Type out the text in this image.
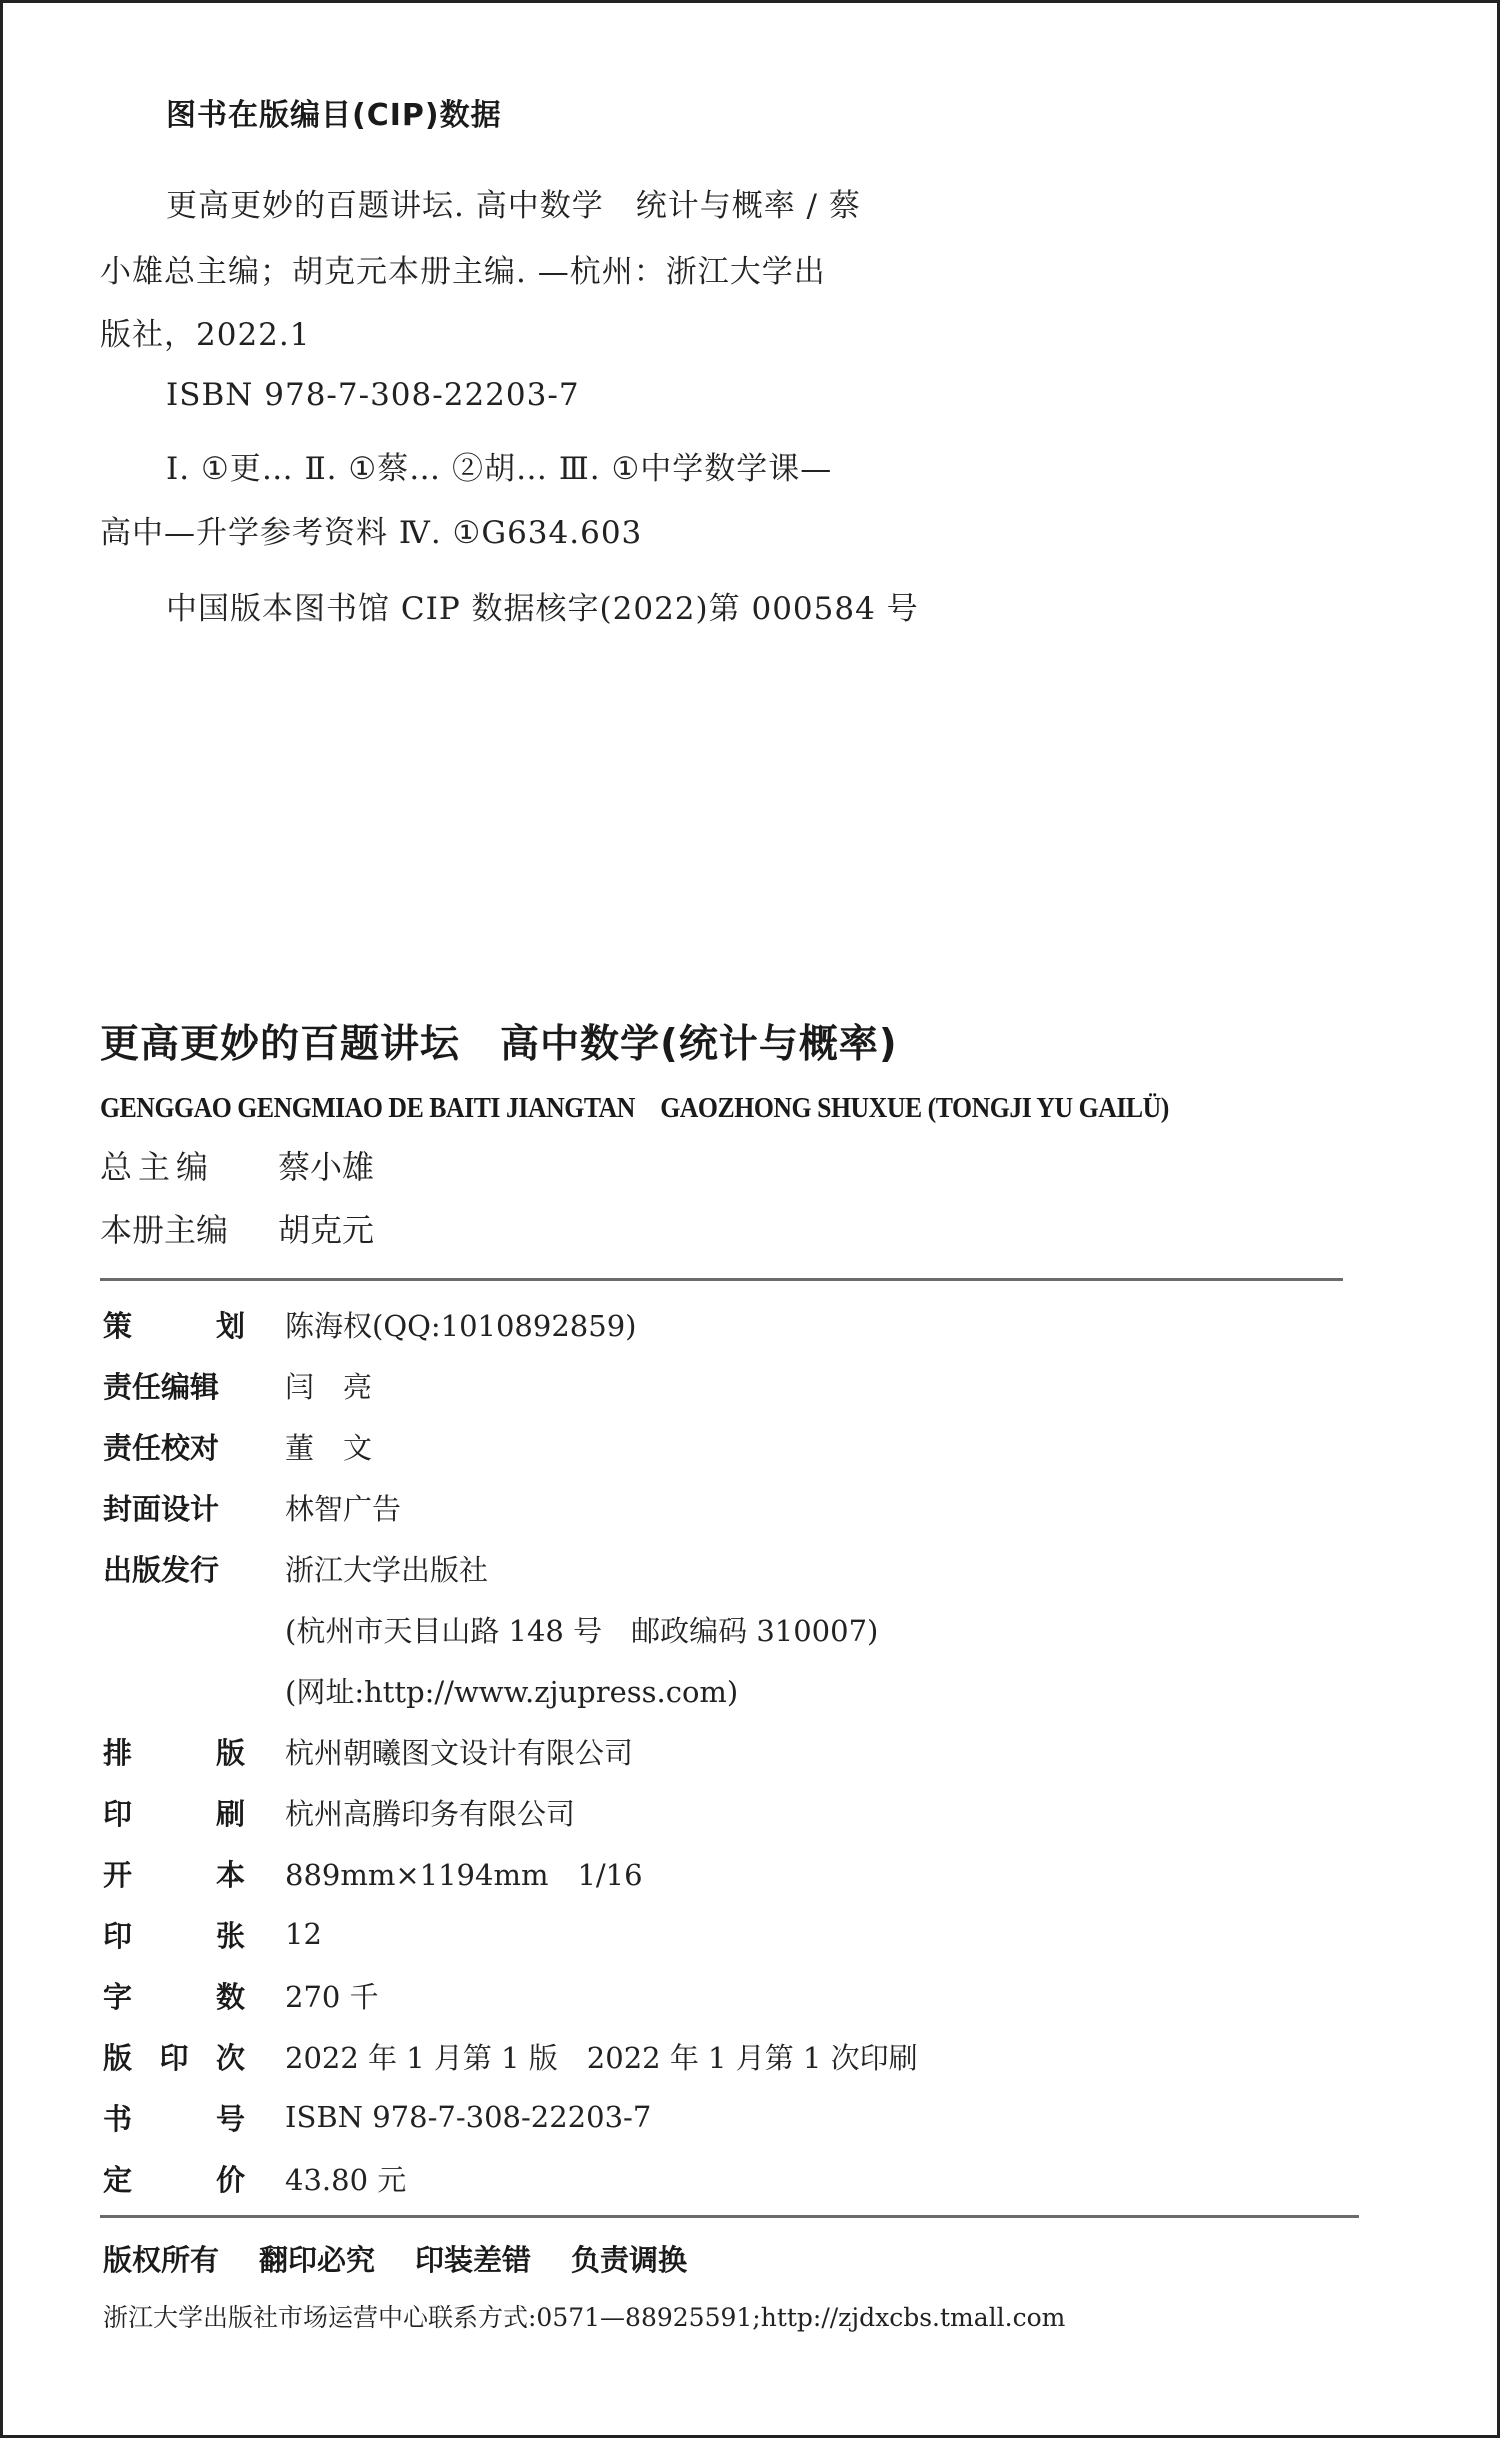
图书在版编目(CIP)数据
更高更妙的百题讲坛. 高中数学　统计与概率 / 蔡
小雄总主编；胡克元本册主编. —杭州：浙江大学出
版社，2022.1
ISBN 978-7-308-22203-7
Ⅰ. ①更… Ⅱ. ①蔡… ②胡… Ⅲ. ①中学数学课—
高中—升学参考资料 Ⅳ. ①G634.603
中国版本图书馆 CIP 数据核字(2022)第 000584 号
更高更妙的百题讲坛　高中数学(统计与概率)
GENGGAO GENGMIAO DE BAITI JIANGTAN　GAOZHONG SHUXUE (TONGJI YU GAILÜ)
总主编 蔡小雄
本册主编 胡克元
策	划 陈海权(QQ:1010892859)
责任编辑	闫　亮
责任校对	董　文
封面设计	林智广告
出版发行	浙江大学出版社
(杭州市天目山路 148 号　邮政编码 310007)
(网址:http://www.zjupress.com)
排	版 杭州朝曦图文设计有限公司
印	刷 杭州高腾印务有限公司
开	本 889mm×1194mm　1/16
印	张 12
字	数 270 千
版 印 次 2022 年 1 月第 1 版　2022 年 1 月第 1 次印刷
书	号 ISBN 978-7-308-22203-7
定	价 43.80 元
版权所有 翻印必究 印装差错 负责调换
浙江大学出版社市场运营中心联系方式:0571—88925591;http://zjdxcbs.tmall.com
